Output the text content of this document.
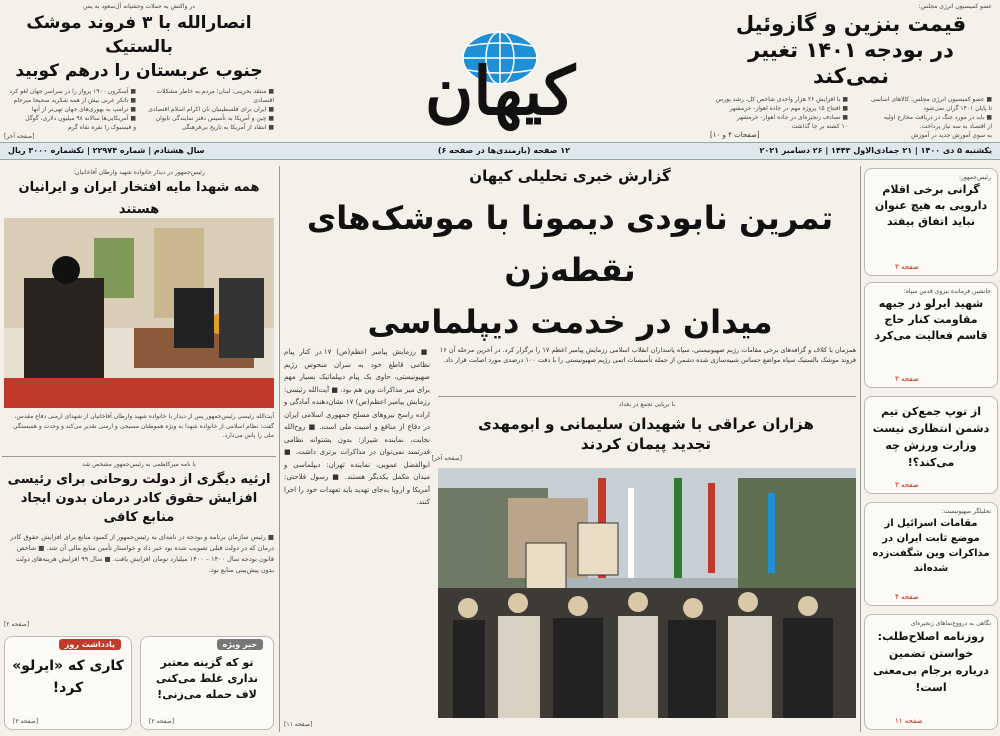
عضو کمیسیون انرژی مجلس:
قیمت بنزین و گازوئیل
در بودجه ۱۴۰۱ تغییر نمی‌کند
■ عضو کمیسیون انرژی مجلس: کالاهای اساسی
تا پایان ۱۴۰۱ گران نمی‌شود
■ باید در مورد جنگ در دریافت مخارج اولیه
از اقتصاد به سه نیاز پرداخت.
به سوی آموزش جدید در آموزش
■ با افزایش ۲۶ هزار واحدی شاخص کل، رشد پورس
■ افتتاح ۱۵ پروژه مهم در جاده اهواز- خرمشهر
■ تصادف زنجیره‌ای در جاده اهواز- خرمشهر
۱۰ کشته بر جا گذاشت
[صفحات ۴ و ۱۰]
کیهان
در واکنش به حملات وحشیانه آل‌سعود به یمن
انصارالله با ۳ فروند موشک بالستیک
جنوب عربستان را درهم کوبید
■ منتقد بحرینی: لبنان؛ مردم به خاطر مشکلات اقتصادی
■ ایران برای فلسطینیان نان اکرام اسلام اقتصادی
■ چین و آمریکا به تأسیس دفتر نمایندگی تایوان
■ انتقاد از آمریکا به تاریخ بی‌فرهنگی
■ آسکرون ۱۹۰۰ پرواز را در سراسر جهان لغو کرد
■ تانکر عربی بیش از همه شکرید صحیحا میرجام
■ ترامپ به بهوری‌های جهان تهی‌تر از آنها
■ آمریکایی‌ها سالانه ۹۸ میلیون دلاری، گوگل
و فیسبوک را نفره نقاه گرم
[صفحه آخر]
یکشنبه ۵ دی ۱۴۰۰ | ۲۱ جمادی‌الاول ۱۴۴۳ | ۲۶ دسامبر ۲۰۲۱
۱۲ صفحه (بازمندی‌ها در صفحه ۶)
سال هشتادم | شماره ۲۲۹۷۴ | تکشماره ۳۰۰۰ ریال
رئیس‌جمهور:
گرانی برخی اقلام دارویی به هیچ عنوان نباید اتفاق بیفتد
صفحه ۳
جانشین فرمانده نیروی قدس سپاه:
شهید ایرلو در جبهه مقاومت کنار حاج قاسم فعالیت می‌کرد
صفحه ۳
از توپ جمع‌کن تیم دشمن انتظاری نیست وزارت ورزش چه می‌کند؟!
صفحه ۳
تحلیلگر صهیونیست:
مقامات اسرائیل از موضع ثابت ایران در مذاکرات وین شگفت‌زده شده‌اند
صفحه ۴
نگاهی به درووغ‌نماهای زنجیره‌ای
روزنامه اصلاح‌طلب: خواستن تضمین درباره برجام بی‌معنی است!
صفحه ۱۱
گزارش خبری تحلیلی کیهان
تمرین نابودی دیمونا با موشک‌های نقطه‌زن
میدان در خدمت دیپلماسی
همزمان با کلاف و گزافه‌های برخی مقامات رژیم صهیونیستی، سپاه پاسداران انقلاب اسلامی رزمایش پیامبر اعظم ۱۷ را برگزار کرد. در آخرین مرحله آن ۱۶ فروند موشک بالستیک سپاه مواضع حساس شبیه‌سازی شده دشمن از جمله تأسیسات اتمی رژیم صهیونیستی را با دقت ۱۰۰ درصدی مورد اصابت قرار داد.
■ رزمایش پیامبر اعظم(ص) ۱۷ در کنار پیام نظامی قاطع خود به سران منحوس رژیم صهیونیستی، حاوی یک پیام دیپلماتیک بسیار مهم برای میز مذاکرات وین هم بود. ■ آیت‌الله رئیسی: رزمایش پیامبر اعظم(ص) ۱۷ نشان‌دهنده آمادگی و اراده راسخ نیروهای مسلح جمهوری اسلامی ایران در دفاع از منافع و امنیت ملی است. ■ روح‌الله نجابت، نماینده شیراز: بدون پشتوانه نظامی قدرتمند نمی‌توان در مذاکرات برتری داشت. ■ ابوالفضل عمویی، نماینده تهران: دیپلماسی و میدان مکمل یکدیگر هستند. ■ رسول فلاحتی: آمریکا و اروپا به‌جای تهدید باید تعهدات خود را اجرا کنند.
[صفحه ۱۱]
با برپایی تجمع در بغداد
هزاران عراقی با شهیدان سلیمانی و ابومهدی تجدید پیمان کردند
[صفحه آخر]
رئیس‌جمهور در دیدار خانواده شهید وارطان آفاخانیان:
همه شهدا مایه افتخار ایران و ایرانیان هستند
آیت‌الله رئیسی رئیس‌جمهور پس از دیدار با خانواده شهید وارطان آفاخانیان از شهدای ارمنی دفاع مقدس، گفت: نظام اسلامی از خانواده شهدا به ویژه هموطنان مسیحی و ارمنی تقدیر می‌کند و وحدت و همبستگی ملی را پاس می‌دارد.
با نامه میرکاظمی به رئیس‌جمهور مشخص شد
ارثیه دیگری از دولت روحانی برای رئیسی افزایش حقوق کادر درمان بدون ایجاد منابع کافی
■ رئیس سازمان برنامه و بودجه در نامه‌ای به رئیس‌جمهور از کمبود منابع برای افزایش حقوق کادر درمان که در دولت قبلی تصویب شده بود خبر داد و خواستار تأمین منابع مالی آن شد. ■ شاخص قانون بودجه سال ۱۴۰۰ – ۱۴۰۰ میلیارد تومان افزایش یافت. ■ سال ۹۹ افزایش هزینه‌های دولت بدون پیش‌بینی منابع بود.
[صفحه ۲]
خبر ویژه
تو که گزینه معتبر نداری غلط می‌کنی لاف حمله می‌زنی!
[صفحه ۲]
یادداشت روز
کاری که «ایرلو» کرد!
[صفحه ۳]
